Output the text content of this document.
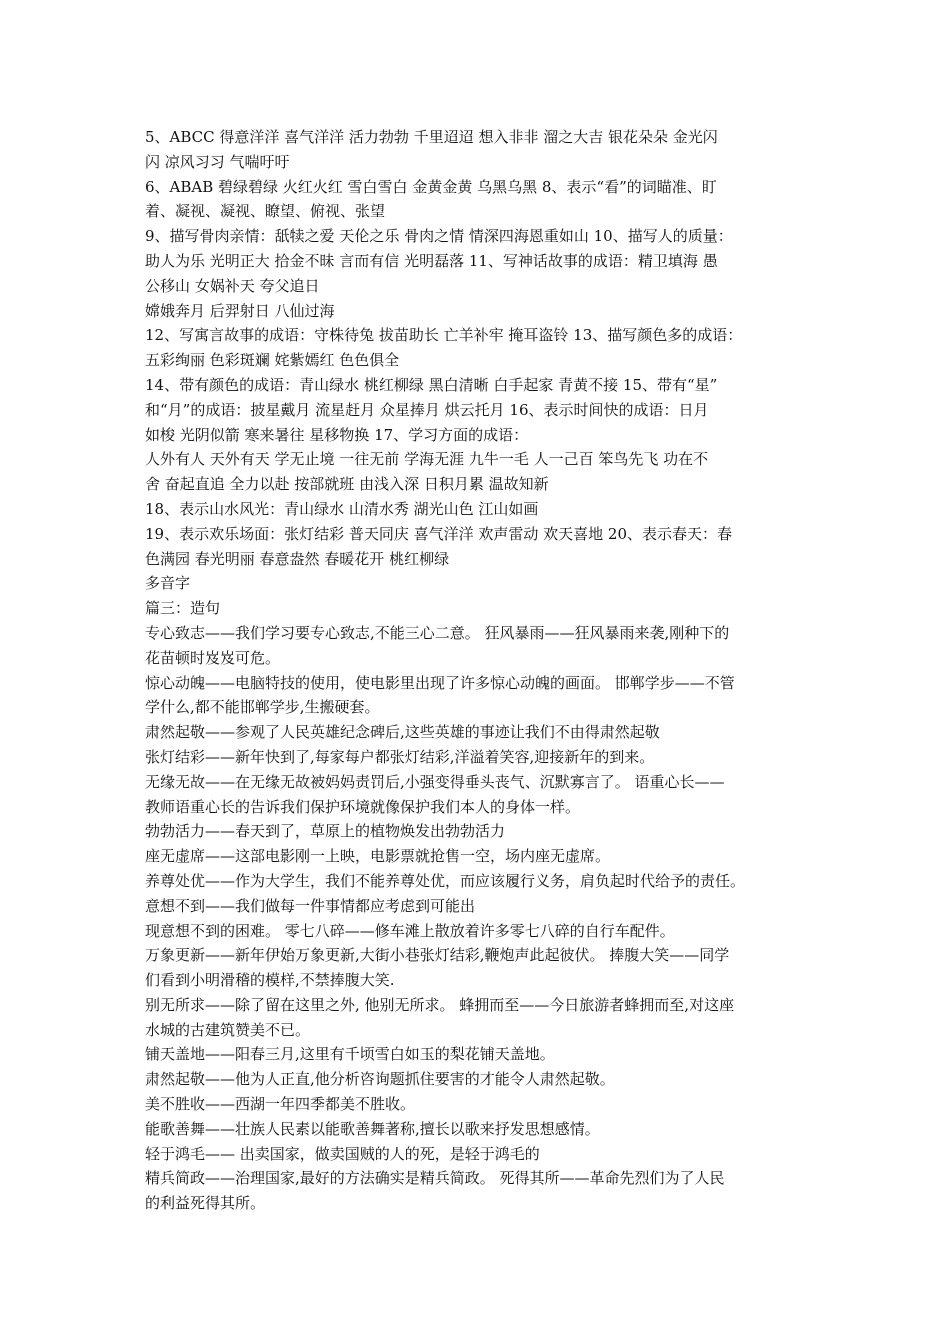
5、ABCC 得意洋洋 喜气洋洋 活力勃勃 千里迢迢 想入非非 溜之大吉 银花朵朵 金光闪
闪 凉风习习 气喘吁吁

6、ABAB 碧绿碧绿 火红火红 雪白雪白 金黄金黄 乌黑乌黑 8、表示“看”的词瞄准、盯
着、凝视、凝视、瞭望、俯视、张望

9、描写骨肉亲情：舐犊之爱 天伦之乐 骨肉之情 情深四海恩重如山 10、描写人的质量：
助人为乐 光明正大 拾金不昧 言而有信 光明磊落 11、写神话故事的成语：精卫填海 愚
公移山 女娲补天 夸父追日

嫦娥奔月 后羿射日 八仙过海

12、写寓言故事的成语：守株待兔 拔苗助长 亡羊补牢 掩耳盗铃 13、描写颜色多的成语：
五彩绚丽 色彩斑斓 姹紫嫣红 色色俱全

14、带有颜色的成语：青山绿水 桃红柳绿 黑白清晰 白手起家 青黄不接 15、带有“星”
和“月”的成语：披星戴月 流星赶月 众星捧月 烘云托月 16、表示时间快的成语：日月
如梭 光阴似箭 寒来暑往 星移物换 17、学习方面的成语：

人外有人 天外有天 学无止境 一往无前 学海无涯 九牛一毛 人一己百 笨鸟先飞 功在不
舍 奋起直追 全力以赴 按部就班 由浅入深 日积月累 温故知新

18、表示山水风光：青山绿水 山清水秀 湖光山色 江山如画

19、表示欢乐场面：张灯结彩 普天同庆 喜气洋洋 欢声雷动 欢天喜地 20、表示春天：春
色满园 春光明丽 春意盎然 春暖花开 桃红柳绿

多音字

篇三：造句

专心致志——我们学习要专心致志,不能三心二意。 狂风暴雨——狂风暴雨来袭,刚种下的
花苗顿时岌岌可危。

惊心动魄——电脑特技的使用，使电影里出现了许多惊心动魄的画面。 邯郸学步——不管
学什么,都不能邯郸学步,生搬硬套。

肃然起敬——参观了人民英雄纪念碑后,这些英雄的事迹让我们不由得肃然起敬

张灯结彩——新年快到了,每家每户都张灯结彩,洋溢着笑容,迎接新年的到来。

无缘无故——在无缘无故被妈妈责罚后,小强变得垂头丧气、沉默寡言了。 语重心长——
教师语重心长的告诉我们保护环境就像保护我们本人的身体一样。

勃勃活力——春天到了，草原上的植物焕发出勃勃活力

座无虚席——这部电影刚一上映，电影票就抢售一空，场内座无虚席。

养尊处优——作为大学生，我们不能养尊处优，而应该履行义务，肩负起时代给予的责任。

意想不到——我们做每一件事情都应考虑到可能出

现意想不到的困难。 零七八碎——修车滩上散放着许多零七八碎的自行车配件。

万象更新——新年伊始万象更新,大街小巷张灯结彩,鞭炮声此起彼伏。 捧腹大笑——同学
们看到小明滑稽的模样,不禁捧腹大笑.

别无所求——除了留在这里之外, 他别无所求。 蜂拥而至——今日旅游者蜂拥而至,对这座
水城的古建筑赞美不已。

铺天盖地——阳春三月,这里有千顷雪白如玉的梨花铺天盖地。

肃然起敬——他为人正直,他分析咨询题抓住要害的才能令人肃然起敬。

美不胜收——西湖一年四季都美不胜收。

能歌善舞——壮族人民素以能歌善舞著称,擅长以歌来抒发思想感情。

轻于鸿毛—— 出卖国家，做卖国贼的人的死，是轻于鸿毛的

精兵简政——治理国家,最好的方法确实是精兵简政。 死得其所——革命先烈们为了人民
的利益死得其所。
